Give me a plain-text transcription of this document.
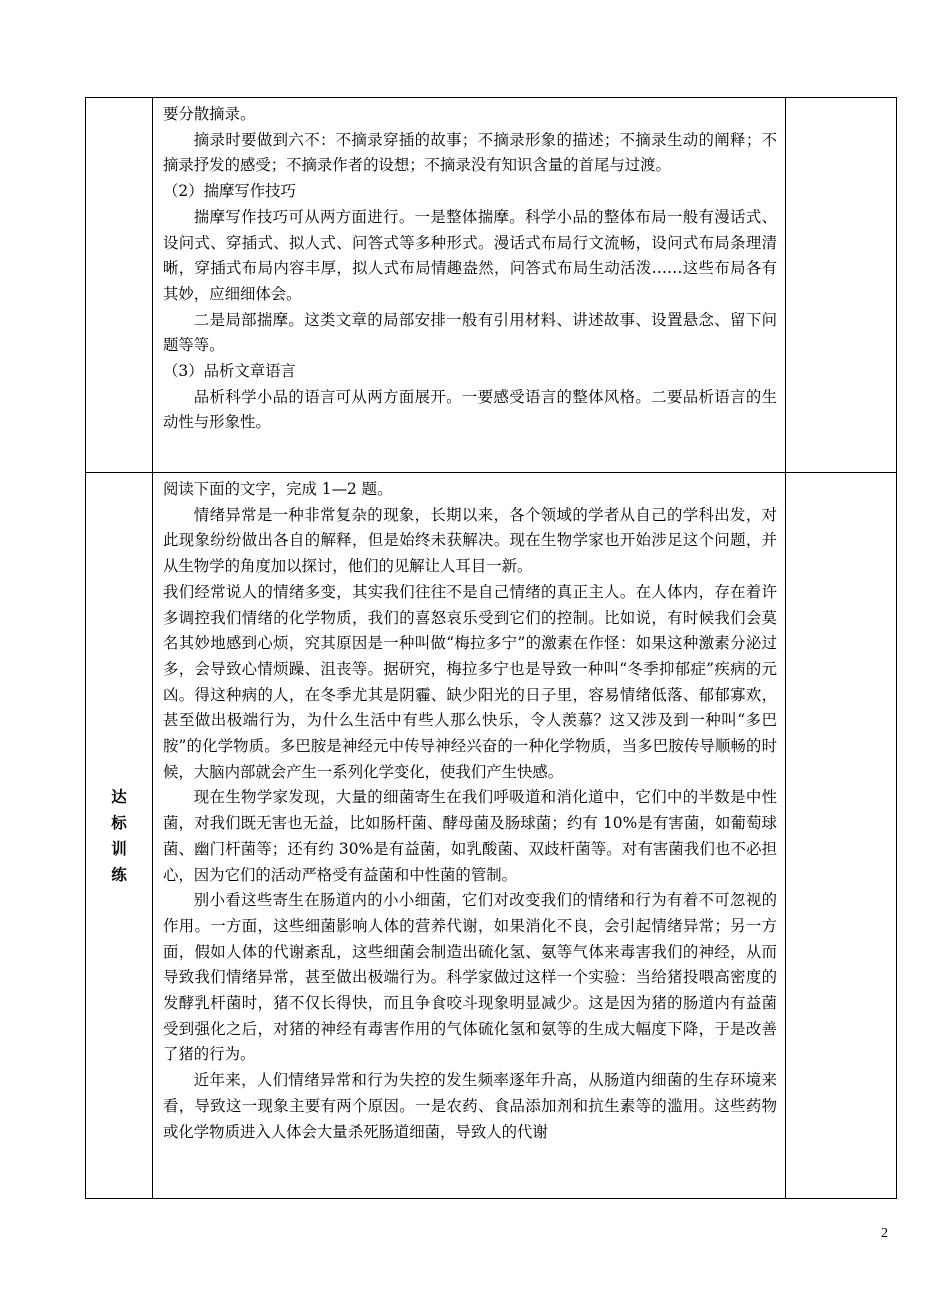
要分散摘录。

摘录时要做到六不：不摘录穿插的故事；不摘录形象的描述；不摘录生动的阐释；不摘录抒发的感受；不摘录作者的设想；不摘录没有知识含量的首尾与过渡。

（2）揣摩写作技巧

揣摩写作技巧可从两方面进行。一是整体揣摩。科学小品的整体布局一般有漫话式、设问式、穿插式、拟人式、问答式等多种形式。漫话式布局行文流畅，设问式布局条理清晰，穿插式布局内容丰厚，拟人式布局情趣盎然，问答式布局生动活泼……这些布局各有其妙，应细细体会。

二是局部揣摩。这类文章的局部安排一般有引用材料、讲述故事、设置悬念、留下问题等等。

（3）品析文章语言

品析科学小品的语言可从两方面展开。一要感受语言的整体风格。二要品析语言的生动性与形象性。

达
标
训
练

阅读下面的文字，完成 1—2 题。

情绪异常是一种非常复杂的现象，长期以来，各个领域的学者从自己的学科出发，对此现象纷纷做出各自的解释，但是始终未获解决。现在生物学家也开始涉足这个问题，并从生物学的角度加以探讨，他们的见解让人耳目一新。

我们经常说人的情绪多变，其实我们往往不是自己情绪的真正主人。在人体内，存在着许多调控我们情绪的化学物质，我们的喜怒哀乐受到它们的控制。比如说，有时候我们会莫名其妙地感到心烦，究其原因是一种叫做“梅拉多宁”的激素在作怪：如果这种激素分泌过多，会导致心情烦躁、沮丧等。据研究，梅拉多宁也是导致一种叫“冬季抑郁症”疾病的元凶。得这种病的人，在冬季尤其是阴霾、缺少阳光的日子里，容易情绪低落、郁郁寡欢，甚至做出极端行为，为什么生活中有些人那么快乐，令人羡慕？这又涉及到一种叫“多巴胺”的化学物质。多巴胺是神经元中传导神经兴奋的一种化学物质，当多巴胺传导顺畅的时候，大脑内部就会产生一系列化学变化，使我们产生快感。

现在生物学家发现，大量的细菌寄生在我们呼吸道和消化道中，它们中的半数是中性菌，对我们既无害也无益，比如肠杆菌、酵母菌及肠球菌；约有 10%是有害菌，如葡萄球菌、幽门杆菌等；还有约 30%是有益菌，如乳酸菌、双歧杆菌等。对有害菌我们也不必担心，因为它们的活动严格受有益菌和中性菌的管制。

别小看这些寄生在肠道内的小小细菌，它们对改变我们的情绪和行为有着不可忽视的作用。一方面，这些细菌影响人体的营养代谢，如果消化不良，会引起情绪异常；另一方面，假如人体的代谢紊乱，这些细菌会制造出硫化氢、氨等气体来毒害我们的神经，从而导致我们情绪异常，甚至做出极端行为。科学家做过这样一个实验：当给猪投喂高密度的发酵乳杆菌时，猪不仅长得快，而且争食咬斗现象明显减少。这是因为猪的肠道内有益菌受到强化之后，对猪的神经有毒害作用的气体硫化氢和氨等的生成大幅度下降，于是改善了猪的行为。

近年来，人们情绪异常和行为失控的发生频率逐年升高，从肠道内细菌的生存环境来看，导致这一现象主要有两个原因。一是农药、食品添加剂和抗生素等的滥用。这些药物或化学物质进入人体会大量杀死肠道细菌，导致人的代谢

2
